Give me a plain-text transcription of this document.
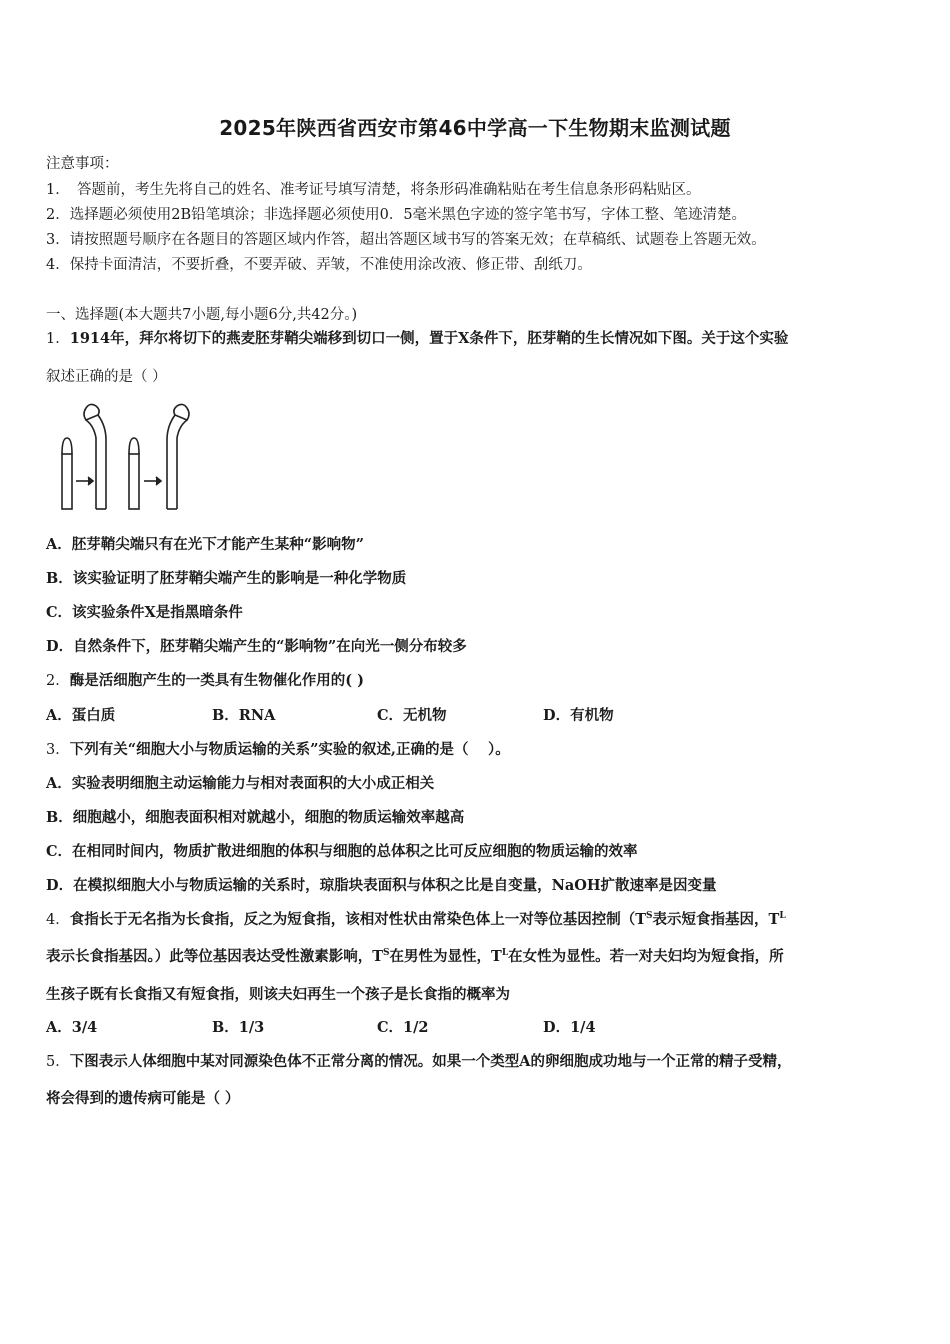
2025年陕西省西安市第46中学高一下生物期末监测试题
注意事项：
1．　答题前，考生先将自己的姓名、准考证号填写清楚，将条形码准确粘贴在考生信息条形码粘贴区。
2．选择题必须使用2B铅笔填涂；非选择题必须使用0．5毫米黑色字迹的签字笔书写，字体工整、笔迹清楚。
3．请按照题号顺序在各题目的答题区域内作答，超出答题区域书写的答案无效；在草稿纸、试题卷上答题无效。
4．保持卡面清洁，不要折叠，不要弄破、弄皱，不准使用涂改液、修正带、刮纸刀。
一、选择题(本大题共7小题,每小题6分,共42分。)
1．1914年，拜尔将切下的燕麦胚芽鞘尖端移到切口一侧，置于X条件下，胚芽鞘的生长情况如下图。关于这个实验
叙述正确的是（ ）
A．胚芽鞘尖端只有在光下才能产生某种“影响物”
B．该实验证明了胚芽鞘尖端产生的影响是一种化学物质
C．该实验条件X是指黑暗条件
D．自然条件下，胚芽鞘尖端产生的“影响物”在向光一侧分布较多
2．酶是活细胞产生的一类具有生物催化作用的( )
A．蛋白质	B．RNA	C．无机物	D．有机物
3．下列有关“细胞大小与物质运输的关系”实验的叙述,正确的是（　 ）。
A．实验表明细胞主动运输能力与相对表面积的大小成正相关
B．细胞越小，细胞表面积相对就越小，细胞的物质运输效率越高
C．在相同时间内，物质扩散进细胞的体积与细胞的总体积之比可反应细胞的物质运输的效率
D．在模拟细胞大小与物质运输的关系时，琼脂块表面积与体积之比是自变量，NaOH扩散速率是因变量
4．食指长于无名指为长食指，反之为短食指，该相对性状由常染色体上一对等位基因控制（$T^S$表示短食指基因，$T^L$
表示长食指基因。）此等位基因表达受性激素影响，$T^S$在男性为显性，$T^L$在女性为显性。若一对夫妇均为短食指，所
生孩子既有长食指又有短食指，则该夫妇再生一个孩子是长食指的概率为
A．3/4	B．1/3	C．1/2	D．1/4
5．下图表示人体细胞中某对同源染色体不正常分离的情况。如果一个类型A的卵细胞成功地与一个正常的精子受精，
将会得到的遗传病可能是（ ）
